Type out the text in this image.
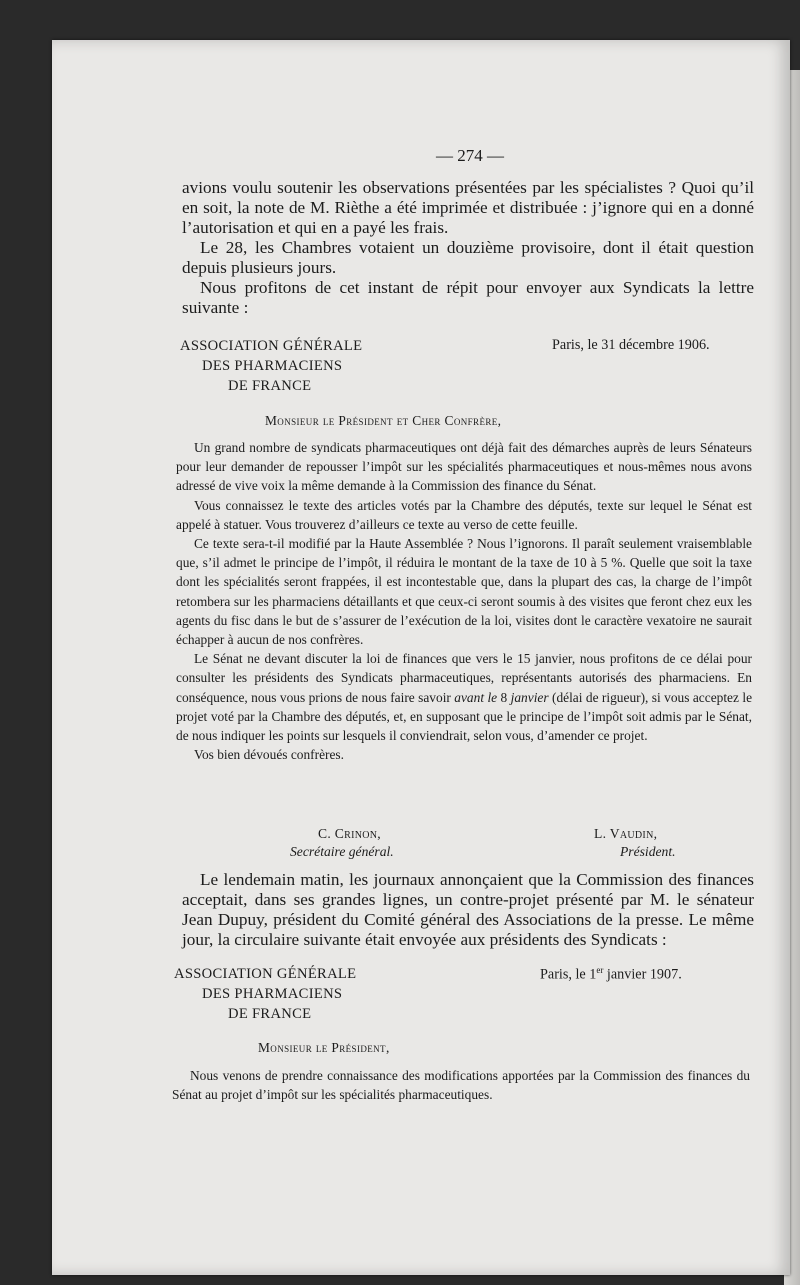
— 274 —

avions voulu soutenir les observations présentées par les spécialistes ? Quoi qu’il en soit, la note de M. Rièthe a été imprimée et distribuée : j’ignore qui en a donné l’autorisation et qui en a payé les frais.

Le 28, les Chambres votaient un douzième provisoire, dont il était question depuis plusieurs jours.

Nous profitons de cet instant de répit pour envoyer aux Syndicats la lettre suivante :

ASSOCIATION GÉNÉRALE
DES PHARMACIENS
DE FRANCE
Paris, le 31 décembre 1906.
Monsieur le Président et Cher Confrère,

Un grand nombre de syndicats pharmaceutiques ont déjà fait des démarches auprès de leurs Sénateurs pour leur demander de repousser l’impôt sur les spécialités pharmaceutiques et nous-mêmes nous avons adressé de vive voix la même demande à la Commission des finance du Sénat.

Vous connaissez le texte des articles votés par la Chambre des députés, texte sur lequel le Sénat est appelé à statuer. Vous trouverez d’ailleurs ce texte au verso de cette feuille.

Ce texte sera-t-il modifié par la Haute Assemblée ? Nous l’ignorons. Il paraît seulement vraisemblable que, s’il admet le principe de l’impôt, il réduira le montant de la taxe de 10 à 5 %. Quelle que soit la taxe dont les spécialités seront frappées, il est incontestable que, dans la plupart des cas, la charge de l’impôt retombera sur les pharmaciens détaillants et que ceux-ci seront soumis à des visites que feront chez eux les agents du fisc dans le but de s’assurer de l’exécution de la loi, visites dont le caractère vexatoire ne saurait échapper à aucun de nos confrères.

Le Sénat ne devant discuter la loi de finances que vers le 15 janvier, nous profitons de ce délai pour consulter les présidents des Syndicats pharmaceutiques, représentants autorisés des pharmaciens. En conséquence, nous vous prions de nous faire savoir avant le 8 janvier (délai de rigueur), si vous acceptez le projet voté par la Chambre des députés, et, en supposant que le principe de l’impôt soit admis par le Sénat, de nous indiquer les points sur lesquels il conviendrait, selon vous, d’amender ce projet.

Vos bien dévoués confrères.

C. Crinon,
Secrétaire général.
L. Vaudin,
Président.
Le lendemain matin, les journaux annonçaient que la Commission des finances acceptait, dans ses grandes lignes, un contre-projet présenté par M. le sénateur Jean Dupuy, président du Comité général des Associations de la presse. Le même jour, la circulaire suivante était envoyée aux présidents des Syndicats :
ASSOCIATION GÉNÉRALE
DES PHARMACIENS
DE FRANCE
Paris, le 1er janvier 1907.
Monsieur le Président,
Nous venons de prendre connaissance des modifications apportées par la Commission des finances du Sénat au projet d’impôt sur les spécialités pharmaceutiques.
